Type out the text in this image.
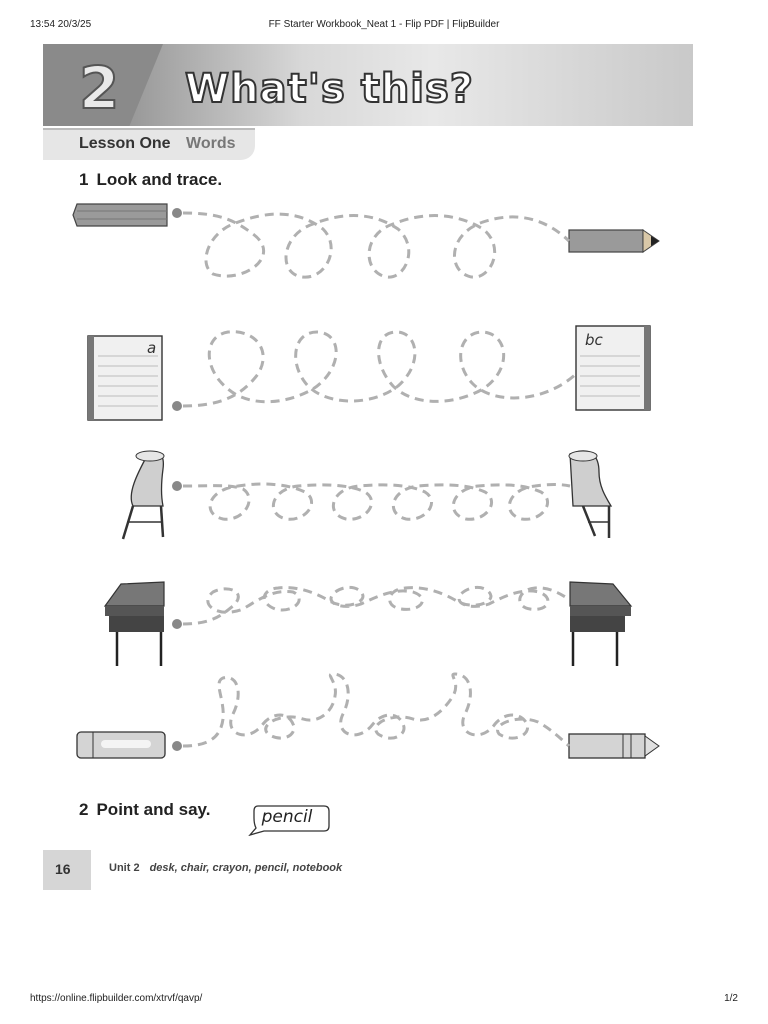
13:54 20/3/25	FF Starter Workbook_Neat 1 - Flip PDF | FlipBuilder
2 What's this?
Lesson One Words
1 Look and trace.
a	bc
2 Point and say.	pencil
16	Unit 2 desk, chair, crayon, pencil, notebook
https://online.flipbuilder.com/xtrvf/qavp/	1/2
